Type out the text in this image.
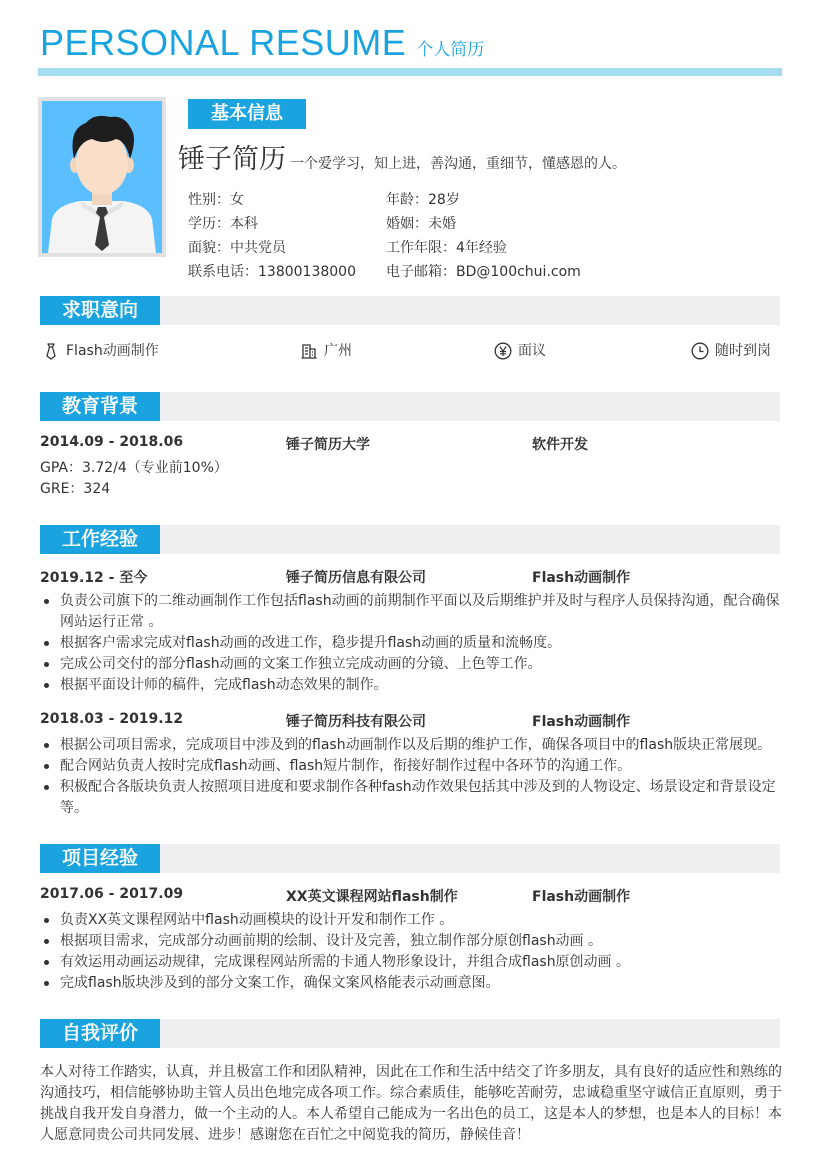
PERSONAL RESUME 个人简历
基本信息
锤子简历 一个爱学习，知上进，善沟通，重细节，懂感恩的人。
性别：女	年龄：28岁
学历：本科	婚姻：未婚
面貌：中共党员	工作年限：4年经验
联系电话：13800138000	电子邮箱：BD@100chui.com
求职意向
Flash动画制作	广州	面议	随时到岗
教育背景
2014.09 - 2018.06	锤子简历大学	软件开发
GPA：3.72/4（专业前10%）
GRE：324
工作经验
2019.12 - 至今	锤子简历信息有限公司	Flash动画制作
负责公司旗下的二维动画制作工作包括flash动画的前期制作平面以及后期维护并及时与程序人员保持沟通，配合确保网站运行正常 。
根据客户需求完成对flash动画的改进工作，稳步提升flash动画的质量和流畅度。
完成公司交付的部分flash动画的文案工作独立完成动画的分镜、上色等工作。
根据平面设计师的稿件，完成flash动态效果的制作。
2018.03 - 2019.12	锤子简历科技有限公司	Flash动画制作
根据公司项目需求，完成项目中涉及到的flash动画制作以及后期的维护工作，确保各项目中的flash版块正常展现。
配合网站负责人按时完成flash动画、flash短片制作，衔接好制作过程中各环节的沟通工作。
积极配合各版块负责人按照项目进度和要求制作各种fash动作效果包括其中涉及到的人物设定、场景设定和背景设定等。
项目经验
2017.06 - 2017.09	XX英文课程网站flash制作	Flash动画制作
负责XX英文课程网站中flash动画模块的设计开发和制作工作 。
根据项目需求，完成部分动画前期的绘制、设计及完善，独立制作部分原创flash动画 。
有效运用动画运动规律，完成课程网站所需的卡通人物形象设计，并组合成flash原创动画 。
完成flash版块涉及到的部分文案工作，确保文案风格能表示动画意图。
自我评价
本人对待工作踏实，认真，并且极富工作和团队精神，因此在工作和生活中结交了许多朋友，具有良好的适应性和熟练的沟通技巧，相信能够协助主管人员出色地完成各项工作。综合素质佳，能够吃苦耐劳，忠诚稳重坚守诚信正直原则，勇于挑战自我开发自身潜力，做一个主动的人。本人希望自己能成为一名出色的员工，这是本人的梦想，也是本人的目标！本人愿意同贵公司共同发展、进步！感谢您在百忙之中阅览我的简历，静候佳音！
